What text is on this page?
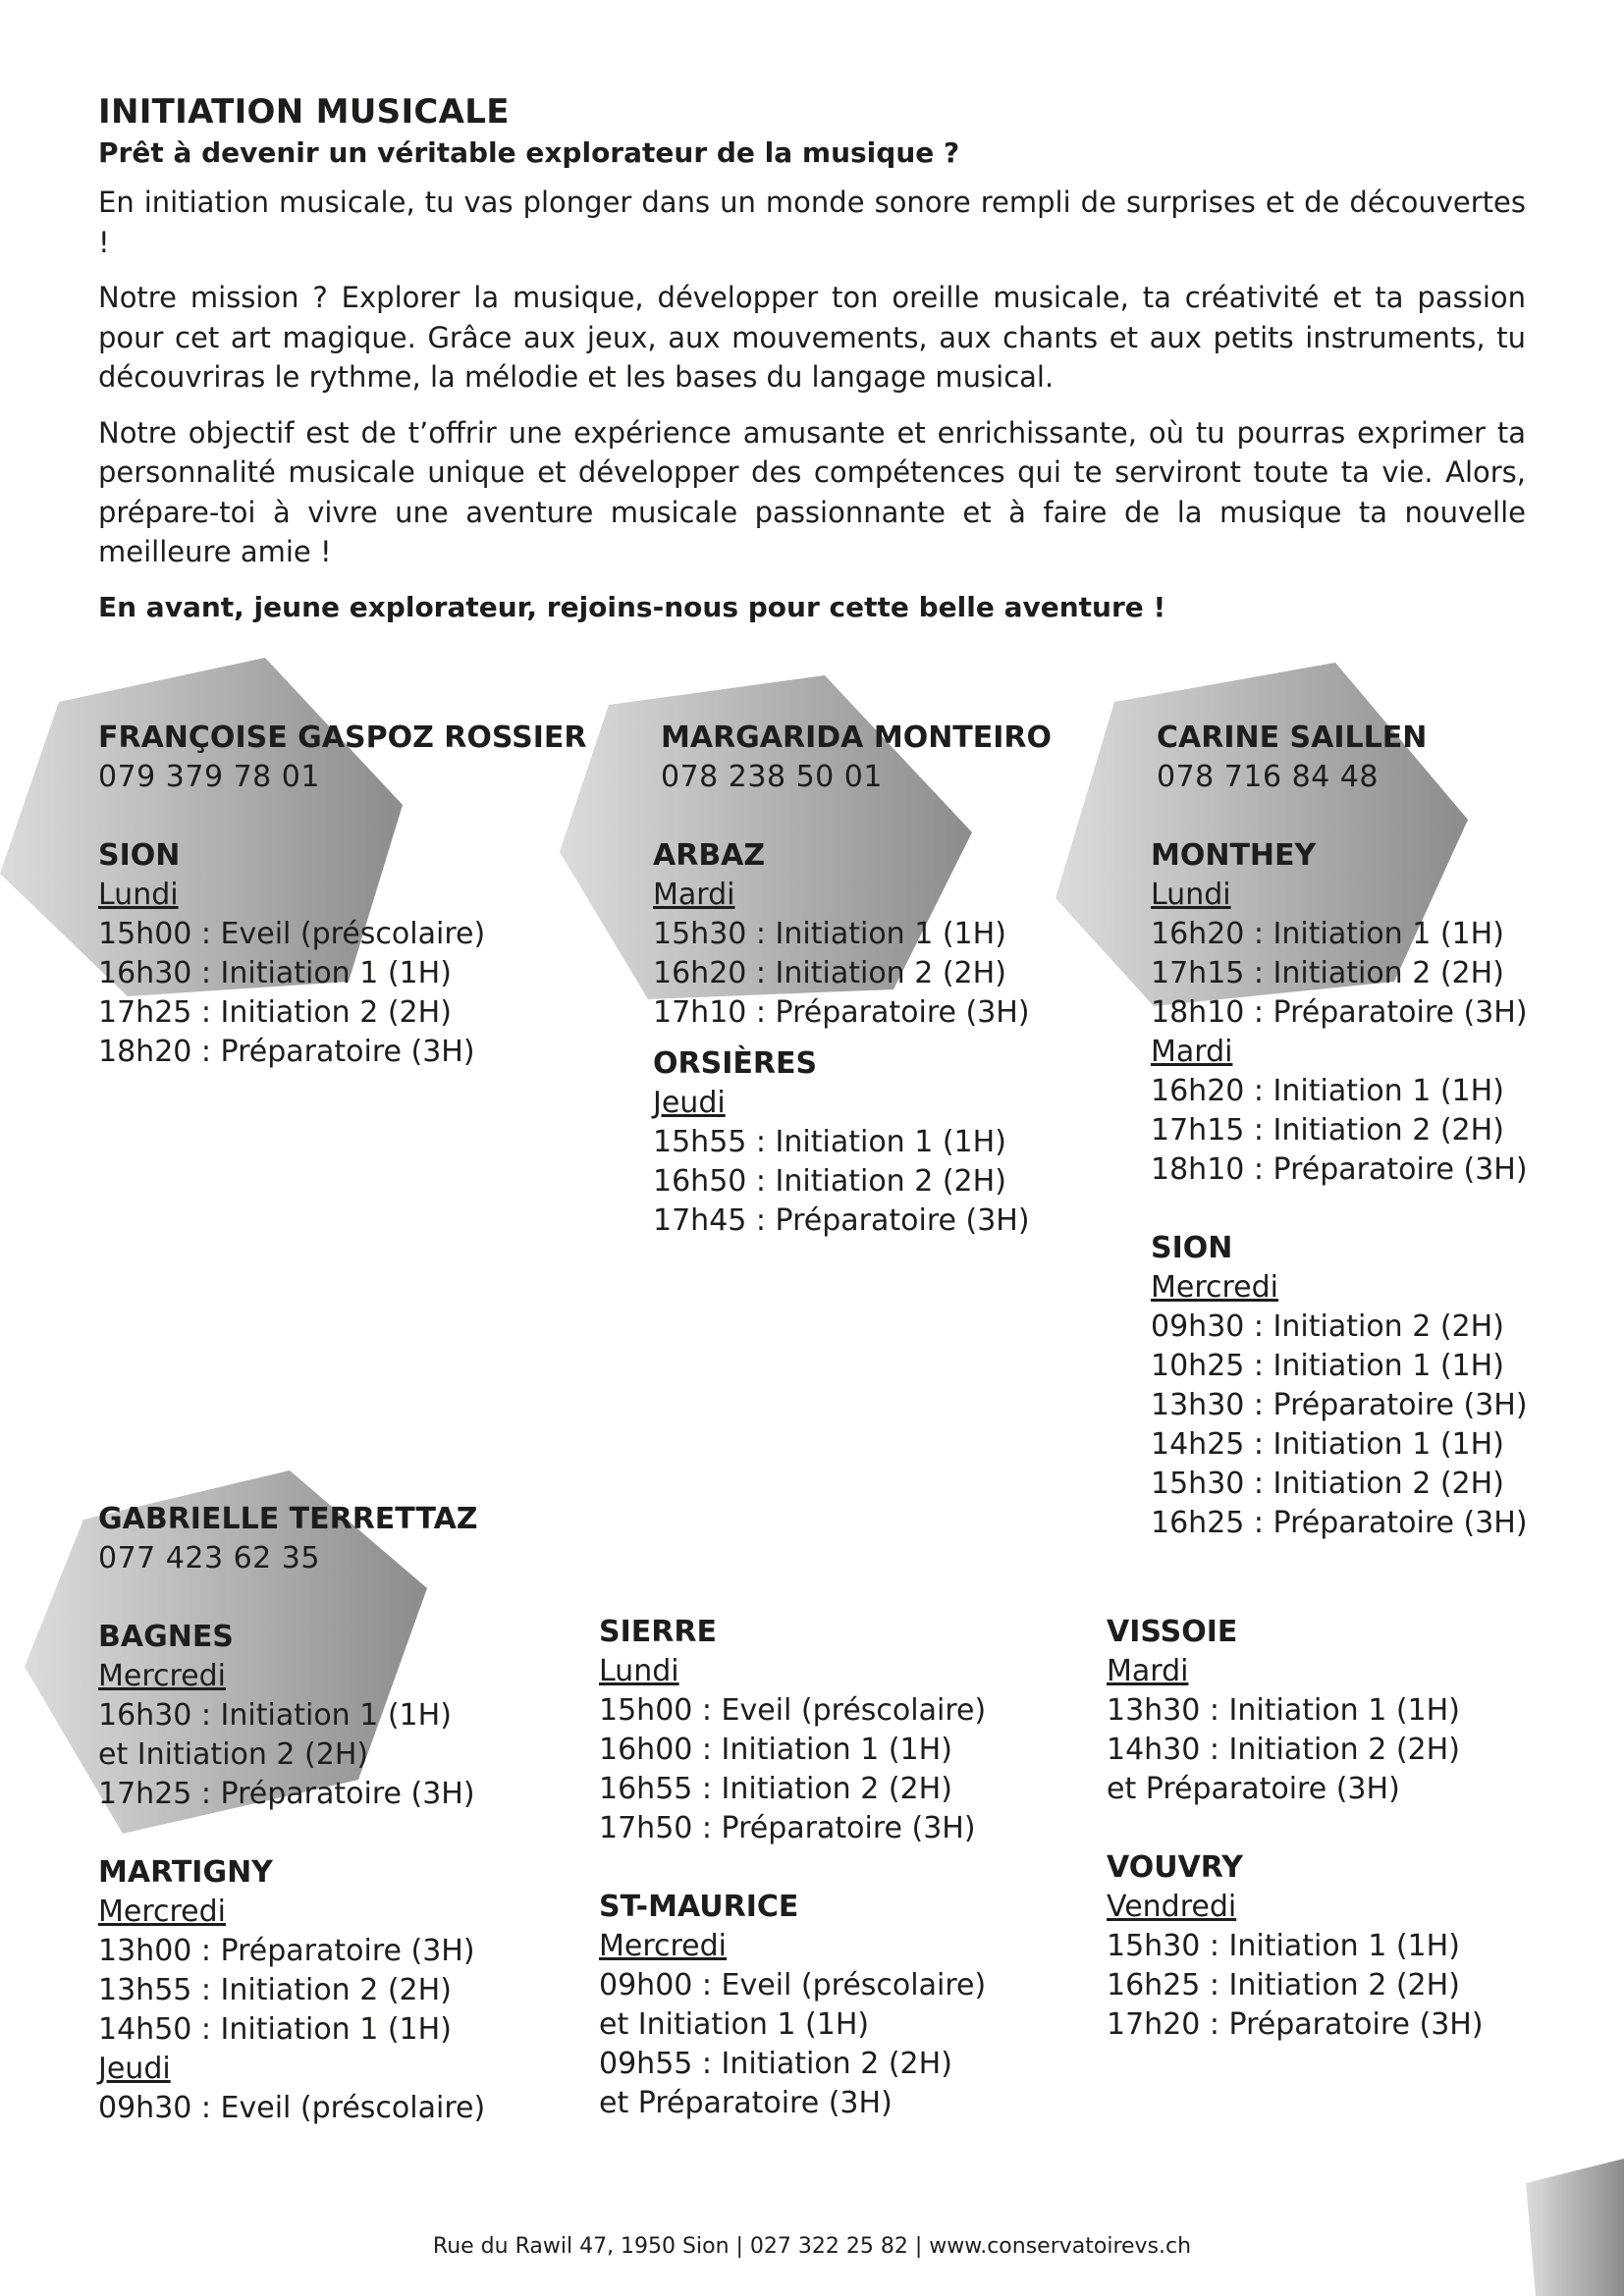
INITIATION MUSICALE
Prêt à devenir un véritable explorateur de la musique ?

En initiation musicale, tu vas plonger dans un monde sonore rempli de surprises et de découvertes !

Notre mission ? Explorer la musique, développer ton oreille musicale, ta créativité et ta passion pour cet art magique. Grâce aux jeux, aux mouvements, aux chants et aux petits instruments, tu découvriras le rythme, la mélodie et les bases du langage musical.

Notre objectif est de t’offrir une expérience amusante et enrichissante, où tu pourras exprimer ta personnalité musicale unique et développer des compétences qui te serviront toute ta vie. Alors, prépare-toi à vivre une aventure musicale passionnante et à faire de la musique ta nouvelle meilleure amie !

En avant, jeune explorateur, rejoins-nous pour cette belle aventure !

FRANÇOISE GASPOZ ROSSIER
079 379 78 01
SION
Lundi
15h00 : Eveil (préscolaire)
16h30 : Initiation 1 (1H)
17h25 : Initiation 2 (2H)
18h20 : Préparatoire (3H)
MARGARIDA MONTEIRO
078 238 50 01
ARBAZ
Mardi
15h30 : Initiation 1 (1H)
16h20 : Initiation 2 (2H)
17h10 : Préparatoire (3H)
ORSIÈRES
Jeudi
15h55 : Initiation 1 (1H)
16h50 : Initiation 2 (2H)
17h45 : Préparatoire (3H)
CARINE SAILLEN
078 716 84 48
MONTHEY
Lundi
16h20 : Initiation 1 (1H)
17h15 : Initiation 2 (2H)
18h10 : Préparatoire (3H)
Mardi
16h20 : Initiation 1 (1H)
17h15 : Initiation 2 (2H)
18h10 : Préparatoire (3H)
SION
Mercredi
09h30 : Initiation 2 (2H)
10h25 : Initiation 1 (1H)
13h30 : Préparatoire (3H)
14h25 : Initiation 1 (1H)
15h30 : Initiation 2 (2H)
16h25 : Préparatoire (3H)
GABRIELLE TERRETTAZ
077 423 62 35
BAGNES
Mercredi
16h30 : Initiation 1 (1H)
et Initiation 2 (2H)
17h25 : Préparatoire (3H)
MARTIGNY
Mercredi
13h00 : Préparatoire (3H)
13h55 : Initiation 2 (2H)
14h50 : Initiation 1 (1H)
Jeudi
09h30 : Eveil (préscolaire)
SIERRE
Lundi
15h00 : Eveil (préscolaire)
16h00 : Initiation 1 (1H)
16h55 : Initiation 2 (2H)
17h50 : Préparatoire (3H)
ST-MAURICE
Mercredi
09h00 : Eveil (préscolaire)
et Initiation 1 (1H)
09h55 : Initiation 2 (2H)
et Préparatoire (3H)
VISSOIE
Mardi
13h30 : Initiation 1 (1H)
14h30 : Initiation 2 (2H)
et Préparatoire (3H)
VOUVRY
Vendredi
15h30 : Initiation 1 (1H)
16h25 : Initiation 2 (2H)
17h20 : Préparatoire (3H)
Rue du Rawil 47, 1950 Sion | 027 322 25 82 | www.conservatoirevs.ch
